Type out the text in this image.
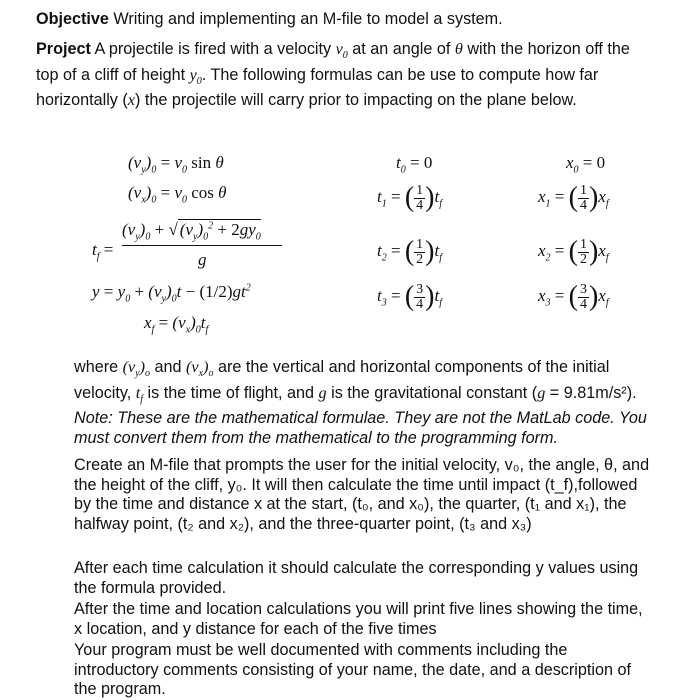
Objective Writing and implementing an M-file to model a system.
Project A projectile is fired with a velocity $v_0$ at an angle of θ with the horizon off the top of a cliff of height $y_0$. The following formulas can be use to compute how far horizontally (x) the projectile will carry prior to impacting on the plane below.
$(v_y)_0 = v_0$ sin θ
$(v_x)_0 = v_0$ cos θ
$t_f$ =
$(v_y)_0$ + √ $(v_y)_0^2 + 2gy_0$
g
$y = y_0 + (v_y)_0t - (1/2)gt^2$
$x_f = (v_x)_0t_f$
$t_0 = 0$
$t_1$ = ( $\frac{1}{4} )t_f$
$t_2$ = ( $\frac{1}{2} )t_f$
$t_3$ = ( $\frac{3}{4} )t_f$
$x_0 = 0$
$x_1$ = ( $\frac{1}{4} )x_f$
$x_2$ = ( $\frac{1}{2} )x_f$
$x_3$ = ( $\frac{3}{4} )x_f$
where $(v_y)_o$ and $(v_x)_o$ are the vertical and horizontal components of the initial velocity, $t_f$ is the time of flight, and g is the gravitational constant (g = 9.81m/s²). Note: These are the mathematical formulae. They are not the MatLab code. You must convert them from the mathematical to the programming form.
Create an M-file that prompts the user for the initial velocity, v₀, the angle, θ, and the height of the cliff, y₀. It will then calculate the time until impact (t_f),followed by the time and distance x at the start, (t₀, and x₀), the quarter, (t₁ and x₁), the halfway point, (t₂ and x₂), and the three-quarter point, (t₃ and x₃)
After each time calculation it should calculate the corresponding y values using the formula provided.
After the time and location calculations you will print five lines showing the time, x location, and y distance for each of the five times
Your program must be well documented with comments including the introductory comments consisting of your name, the date, and a description of the program.
